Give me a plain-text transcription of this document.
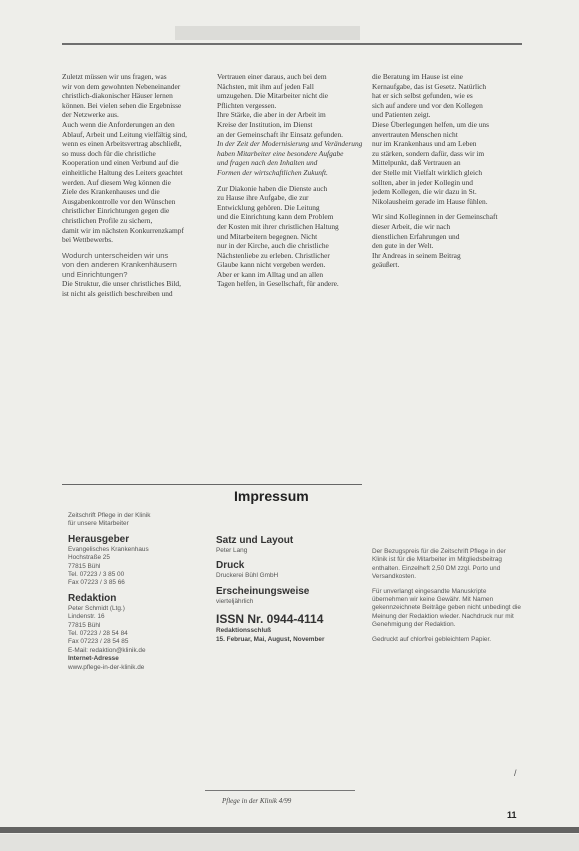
Zuletzt müssen wir uns fragen, was

wir von dem gewohnten Nebeneinander

christlich-diakonischer Häuser lernen

können. Bei vielen sehen die Ergebnisse

der Netzwerke aus.

Auch wenn die Anforderungen an den

Ablauf, Arbeit und Leitung vielfältig sind,

wenn es einen Arbeitsvertrag abschließt,

so muss doch für die christliche

Kooperation und einen Verbund auf die

einheitliche Haltung des Leiters geachtet

werden. Auf diesem Weg können die

Ziele des Krankenhauses und die

Ausgabenkontrolle vor den Wünschen

christlicher Einrichtungen gegen die

christlichen Profile zu sichern,

damit wir im nächsten Konkurrenzkampf

bei Wettbewerbs.

Wodurch unterscheiden wir uns

von den anderen Krankenhäusern

und Einrichtungen?

Die Struktur, die unser christliches Bild,

ist nicht als geistlich beschreiben und

Vertrauen einer daraus, auch bei dem

Nächsten, mit ihm auf jeden Fall

umzugehen. Die Mitarbeiter nicht die

Pflichten vergessen.

Ihre Stärke, die aber in der Arbeit im

Kreise der Institution, im Dienst

an der Gemeinschaft ihr Einsatz gefunden.

In der Zeit der Modernisierung und Veränderung

haben Mitarbeiter eine besondere Aufgabe

und fragen nach den Inhalten und

Formen der wirtschaftlichen Zukunft.

Zur Diakonie haben die Dienste auch

zu Hause ihre Aufgabe, die zur

Entwicklung gehören. Die Leitung

und die Einrichtung kann dem Problem

der Kosten mit ihrer christlichen Haltung

und Mitarbeitern begegnen. Nicht

nur in der Kirche, auch die christliche

Nächstenliebe zu erleben. Christlicher

Glaube kann nicht vergeben werden.

Aber er kann im Alltag und an allen

Tagen helfen, in Gesellschaft, für andere.

die Beratung im Hause ist eine

Kernaufgabe, das ist Gesetz. Natürlich

hat er sich selbst gefunden, wie es

sich auf andere und vor den Kollegen

und Patienten zeigt.

Diese Überlegungen helfen, um die uns

anvertrauten Menschen nicht

nur im Krankenhaus und am Leben

zu stärken, sondern dafür, dass wir im

Mittelpunkt, daß Vertrauen an

der Stelle mit Vielfalt wirklich gleich

sollten, aber in jeder Kollegin und

jedem Kollegen, die wir dazu in St.

Nikolausheim gerade im Hause fühlen.

Wir sind Kolleginnen in der Gemeinschaft

dieser Arbeit, die wir nach

dienstlichen Erfahrungen und

den gute in der Welt.

Ihr Andreas in seinem Beitrag

geäußert.

Impressum
Zeitschrift Pflege in der Klinik
für unsere Mitarbeiter
Herausgeber
Evangelisches Krankenhaus
Hochstraße 25
77815 Bühl
Tel. 07223 / 3 85 00
Fax 07223 / 3 85 66
Redaktion
Peter Schmidt (Ltg.)
Lindenstr. 16
77815 Bühl
Tel. 07223 / 28 54 84
Fax 07223 / 28 54 85
E-Mail: redaktion@klinik.de
Internet-Adresse
www.pflege-in-der-klinik.de
Satz und Layout
Peter Lang
Druck
Druckerei Bühl GmbH
Erscheinungsweise
vierteljährlich
ISSN Nr. 0944-4114
Redaktionsschluß
15. Februar, Mai, August, November
Der Bezugspreis für die Zeitschrift Pflege in der Klinik ist für die Mitarbeiter im Mitgliedsbeitrag enthalten. Einzelheft 2,50 DM zzgl. Porto und Versandkosten.
Für unverlangt eingesandte Manuskripte übernehmen wir keine Gewähr. Mit Namen gekennzeichnete Beiträge geben nicht unbedingt die Meinung der Redaktion wieder. Nachdruck nur mit Genehmigung der Redaktion.
Gedruckt auf chlorfrei gebleichtem Papier.
/
Pflege in der Klinik 4/99
11
